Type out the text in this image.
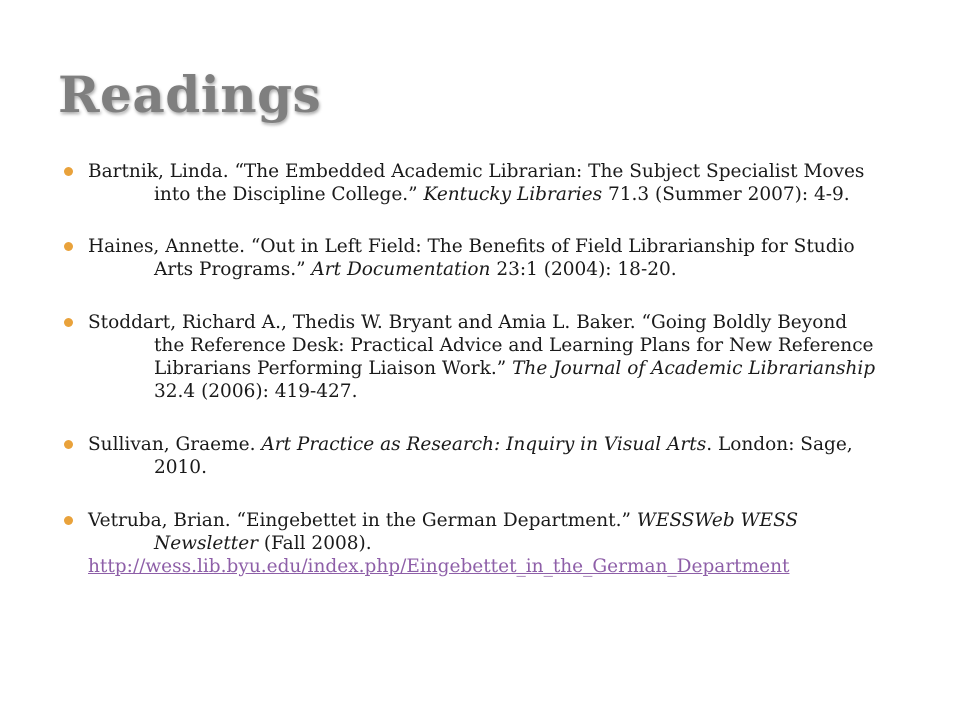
Readings
Bartnik, Linda. “The Embedded Academic Librarian: The Subject Specialist Moves
into the Discipline College.” Kentucky Libraries 71.3 (Summer 2007): 4-9.
Haines, Annette. “Out in Left Field: The Benefits of Field Librarianship for Studio
Arts Programs.” Art Documentation 23:1 (2004): 18-20.
Stoddart, Richard A., Thedis W. Bryant and Amia L. Baker. “Going Boldly Beyond
the Reference Desk: Practical Advice and Learning Plans for New Reference
Librarians Performing Liaison Work.” The Journal of Academic Librarianship
32.4 (2006): 419-427.
Sullivan, Graeme. Art Practice as Research: Inquiry in Visual Arts. London: Sage,
2010.
Vetruba, Brian. “Eingebettet in the German Department.” WESSWeb WESS
Newsletter (Fall 2008).
http://wess.lib.byu.edu/index.php/Eingebettet_in_the_German_Department
